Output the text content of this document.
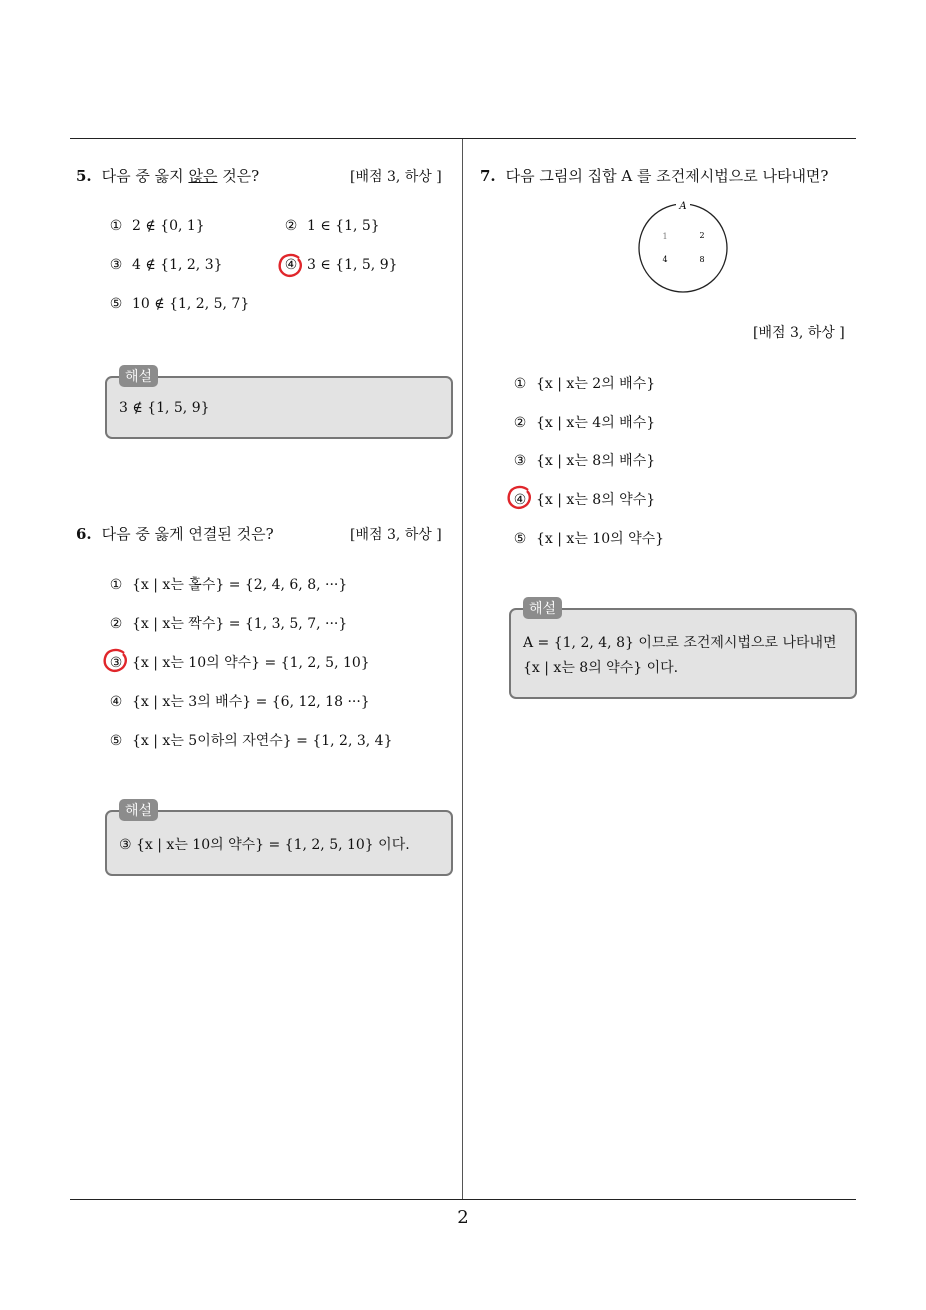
5. 다음 중 옳지 않은 것은?	[배점 3, 하상 ]
① 2 ∉ {0, 1}	② 1 ∈ {1, 5}
③ 4 ∉ {1, 2, 3}	④ 3 ∈ {1, 5, 9}
⑤ 10 ∉ {1, 2, 5, 7}
해설
3 ∉ {1, 5, 9}
6. 다음 중 옳게 연결된 것은?	[배점 3, 하상 ]
① {x | x는 홀수} = {2, 4, 6, 8, ···}
② {x | x는 짝수} = {1, 3, 5, 7, ···}
③ {x | x는 10의 약수} = {1, 2, 5, 10}
④ {x | x는 3의 배수} = {6, 12, 18 ···}
⑤ {x | x는 5이하의 자연수} = {1, 2, 3, 4}
해설
③ {x | x는 10의 약수} = {1, 2, 5, 10} 이다.
7. 다음 그림의 집합 A 를 조건제시법으로 나타내면?
A
1	2
4	8
[배점 3, 하상 ]
① {x | x는 2의 배수}
② {x | x는 4의 배수}
③ {x | x는 8의 배수}
④ {x | x는 8의 약수}
⑤ {x | x는 10의 약수}
해설
A = {1, 2, 4, 8} 이므로 조건제시법으로 나타내면
{x | x는 8의 약수} 이다.
2
